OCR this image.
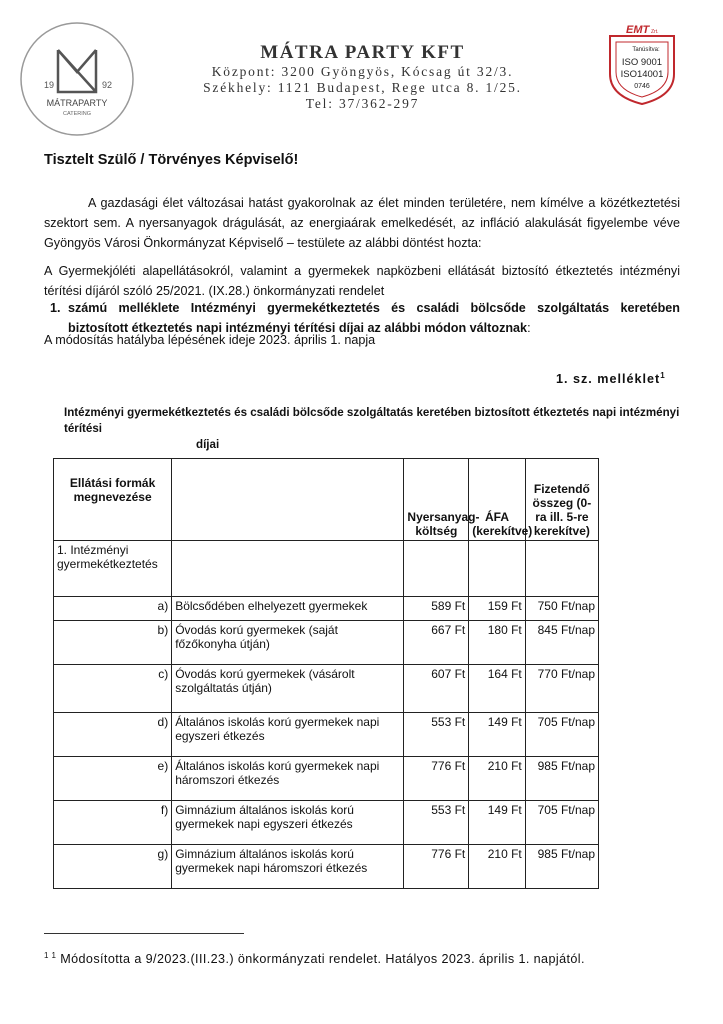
19	92
MÁTRAPARTY
CATERING
MÁTRA PARTY KFT
Központ: 3200 Gyöngyös, Kócsag út 32/3.
Székhely: 1121 Budapest, Rege utca 8. 1/25.
Tel: 37/362-297
EMT Zrt.
Tanúsítva:
ISO 9001
ISO14001
0746
Tisztelt Szülő / Törvényes Képviselő!
A gazdasági élet változásai hatást gyakorolnak az élet minden területére, nem kímélve a közétkeztetési szektort sem. A nyersanyagok drágulását, az energiaárak emelkedését, az infláció alakulását figyelembe véve Gyöngyös Városi Önkormányzat Képviselő – testülete az alábbi döntést hozta:
A Gyermekjóléti alapellátásokról, valamint a gyermekek napközbeni ellátását biztosító étkeztetés intézményi térítési díjáról szóló 25/2021. (IX.28.) önkormányzati rendelet
1. számú melléklete Intézményi gyermekétkeztetés és családi bölcsőde szolgáltatás keretében biztosított étkeztetés napi intézményi térítési díjai az alábbi módon változnak:
A módosítás hatályba lépésének ideje 2023. április 1. napja
1. sz. melléklet$^1$
Intézményi gyermekétkeztetés és családi bölcsőde szolgáltatás keretében biztosított étkeztetés napi intézményi térítési
díjai
Ellátási formák megnevezése		Nyersanyag-költség	ÁFA (kerekítve)	Fizetendő összeg (0-ra ill. 5-re kerekítve)
1. Intézményi gyermekétkeztetés				
a)	Bölcsődében elhelyezett gyermekek	589 Ft	159 Ft	750 Ft/nap
b)	Óvodás korú gyermekek (saját főzőkonyha útján)	667 Ft	180 Ft	845 Ft/nap
c)	Óvodás korú gyermekek (vásárolt szolgáltatás útján)	607 Ft	164 Ft	770 Ft/nap
d)	Általános iskolás korú gyermekek napi egyszeri étkezés	553 Ft	149 Ft	705 Ft/nap
e)	Általános iskolás korú gyermekek napi háromszori étkezés	776 Ft	210 Ft	985 Ft/nap
f)	Gimnázium általános iskolás korú gyermekek napi egyszeri étkezés	553 Ft	149 Ft	705 Ft/nap
g)	Gimnázium általános iskolás korú gyermekek napi háromszori étkezés	776 Ft	210 Ft	985 Ft/nap
$^{1 1}$ Módosította a 9/2023.(III.23.) önkormányzati rendelet. Hatályos 2023. április 1. napjától.
